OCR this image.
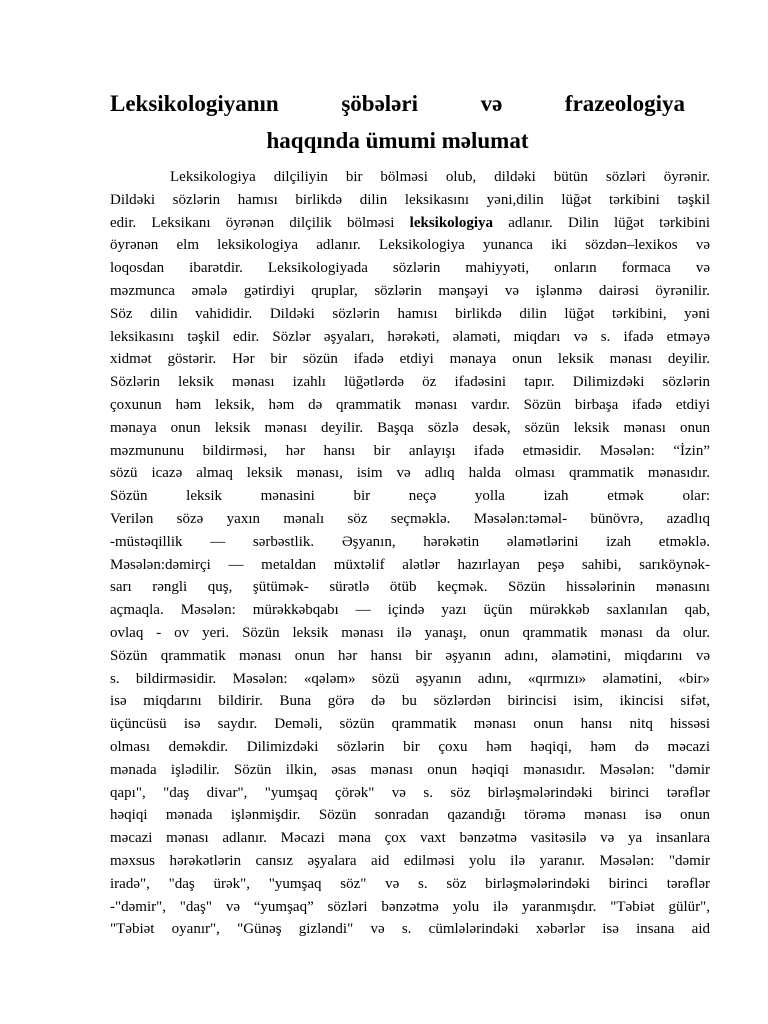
Leksikologiyanın şöbələri və frazeologiya
haqqında ümumi məlumat
Leksikologiya dilçiliyin bir bölməsi olub, dildəki bütün sözləri öyrənir.
Dildəki sözlərin hamısı birlikdə dilin leksikasını yəni,dilin lüğət tərkibini təşkil
edir. Leksikanı öyrənən dilçilik bölməsi leksikologiya adlanır. Dilin lüğət tərkibini
öyrənən elm leksikologiya adlanır. Leksikologiya yunanca iki sözdən–lexikos və
loqosdan ibarətdir. Leksikologiyada sözlərin mahiyyəti, onların formaca və
məzmunca əmələ gətirdiyi qruplar, sözlərin mənşəyi və işlənmə dairəsi öyrənilir.
Söz dilin vahididir. Dildəki sözlərin hamısı birlikdə dilin lüğət tərkibini, yəni
leksikasını təşkil edir. Sözlər əşyaları, hərəkəti, əlaməti, miqdarı və s. ifadə etməyə
xidmət göstərir. Hər bir sözün ifadə etdiyi mənaya onun leksik mənası deyilir.
Sözlərin leksik mənası izahlı lüğətlərdə öz ifadəsini tapır. Dilimizdəki sözlərin
çoxunun həm leksik, həm də qrammatik mənası vardır. Sözün birbaşa ifadə etdiyi
mənaya onun leksik mənası deyilir. Başqa sözlə desək, sözün leksik mənası onun
məzmununu bildirməsi, hər hansı bir anlayışı ifadə etməsidir. Məsələn: “İzin”
sözü icazə almaq leksik mənası, isim və adlıq halda olması qrammatik mənasıdır.
Sözün leksik mənasini bir neçə yolla izah etmək olar:
Verilən sözə yaxın mənalı söz seçməklə. Məsələn:təməl- bünövrə, azadlıq
-müstəqillik — sərbəstlik. Əşyanın, hərəkətin əlamətlərini izah etməklə.
Məsələn:dəmirçi — metaldan müxtəlif alətlər hazırlayan peşə sahibi, sarıköynək-
sarı rəngli quş, şütümək- sürətlə ötüb keçmək. Sözün hissələrinin mənasını
açmaqla. Məsələn: mürəkkəbqabı — içində yazı üçün mürəkkəb saxlanılan qab,
ovlaq - ov yeri. Sözün leksik mənası ilə yanaşı, onun qrammatik mənası da olur.
Sözün qrammatik mənası onun hər hansı bir əşyanın adını, əlamətini, miqdarını və
s. bildirməsidir. Məsələn: «qələm» sözü əşyanın adını, «qırmızı» əlamətini, «bir»
isə miqdarını bildirir. Buna görə də bu sözlərdən birincisi isim, ikincisi sifət,
üçüncüsü isə saydır. Deməli, sözün qrammatik mənası onun hansı nitq hissəsi
olması deməkdir. Dilimizdəki sözlərin bir çoxu həm həqiqi, həm də məcazi
mənada işlədilir. Sözün ilkin, əsas mənası onun həqiqi mənasıdır. Məsələn: "dəmir
qapı", "daş divar", "yumşaq çörək" və s. söz birləşmələrindəki birinci tərəflər
həqiqi mənada işlənmişdir. Sözün sonradan qazandığı törəmə mənası isə onun
məcazi mənası adlanır. Məcazi məna çox vaxt bənzətmə vasitəsilə və ya insanlara
məxsus hərəkətlərin cansız əşyalara aid edilməsi yolu ilə yaranır. Məsələn: "dəmir
iradə", "daş ürək", "yumşaq söz" və s. söz birləşmələrindəki birinci tərəflər
-"dəmir", "daş" və “yumşaq” sözləri bənzətmə yolu ilə yaranmışdır. "Təbiət gülür",
"Təbiət oyanır", "Günəş gizləndi" və s. cümlələrindəki xəbərlər isə insana aid
